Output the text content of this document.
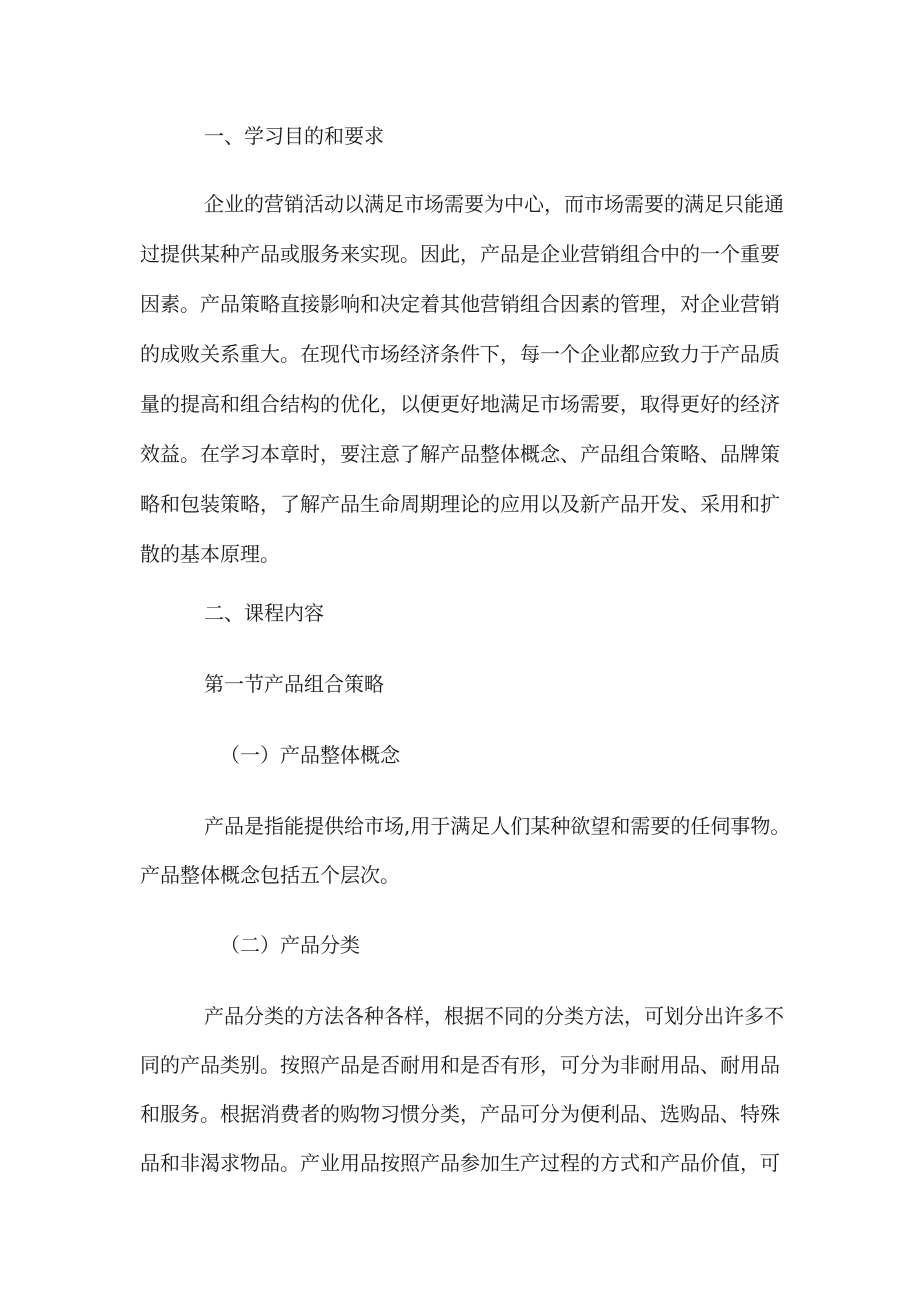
一、学习目的和要求
企业的营销活动以满足市场需要为中心，而市场需要的满足只能通
过提供某种产品或服务来实现。因此，产品是企业营销组合中的一个重要
因素。产品策略直接影响和决定着其他营销组合因素的管理，对企业营销
的成败关系重大。在现代市场经济条件下，每一个企业都应致力于产品质
量的提高和组合结构的优化，以便更好地满足市场需要，取得更好的经济
效益。在学习本章时，要注意了解产品整体概念、产品组合策略、品牌策
略和包装策略，了解产品生命周期理论的应用以及新产品开发、采用和扩
散的基本原理。
二、课程内容
第一节产品组合策略
（一）产品整体概念
产品是指能提供给市场,用于满足人们某种欲望和需要的任伺事物。
产品整体概念包括五个层次。
（二）产品分类
产品分类的方法各种各样，根据不同的分类方法，可划分出许多不
同的产品类别。按照产品是否耐用和是否有形，可分为非耐用品、耐用品
和服务。根据消费者的购物习惯分类，产品可分为便利品、选购品、特殊
品和非渴求物品。产业用品按照产品参加生产过程的方式和产品价值，可
